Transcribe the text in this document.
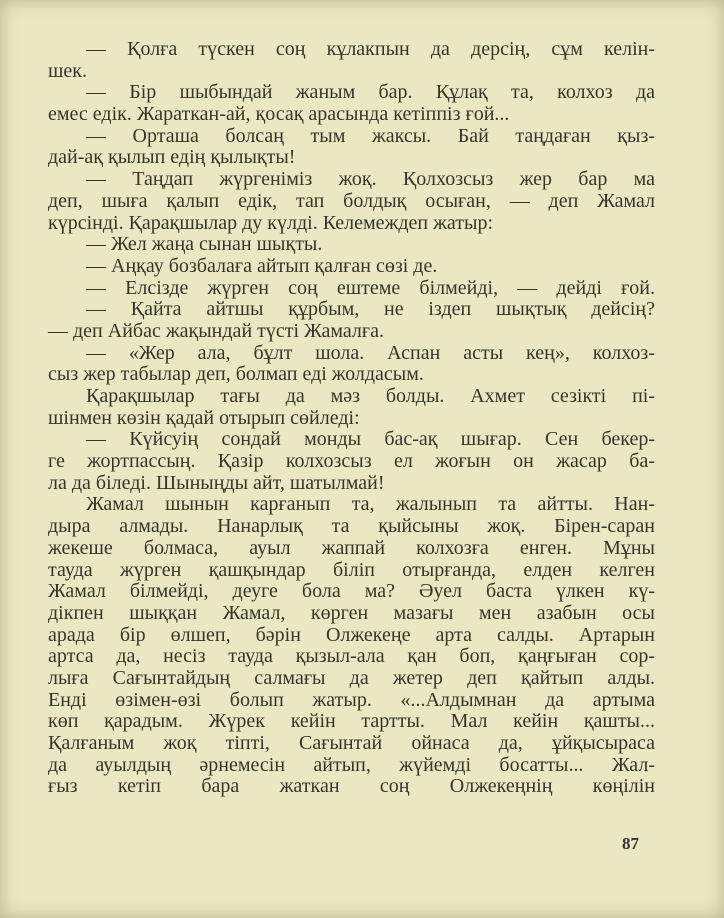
— Қолға түскен соң кұлакпын да дерсің, сұм келін-
шек.
— Бір шыбындай жаным бар. Құлақ та, колхоз да
емес едік. Жараткан-ай, қосақ арасында кетіппіз ғой...
— Орташа болсаң тым жаксы. Бай таңдаған қыз-
дай-ақ қылып едің қылықты!
— Таңдап жүргеніміз жоқ. Қолхозсыз жер бар ма
деп, шыға қалып едік, тап болдық осыған, — деп Жамал
күрсінді. Қарақшылар ду күлді. Келемеждеп жатыр:
— Жел жаңа сынан шықты.
— Аңқау бозбалаға айтып қалған сөзі де.
— Елсізде жүрген соң ештеме білмейді, — дейді ғой.
— Қайта айтшы құрбым, не іздеп шықтық дейсің?
— деп Айбас жақындай түсті Жамалға.
— «Жер ала, бұлт шола. Аспан асты кең», колхоз-
сыз жер табылар деп, болмап еді жолдасым.
Қарақшылар тағы да мәз болды. Ахмет сезікті пі-
шінмен көзін қадай отырып сөйледі:
— Күйсуің сондай монды бас-ақ шығар. Сен бекер-
ге жортпассың. Қазір колхозсыз ел жоғын он жасар ба-
ла да біледі. Шыныңды айт, шатылмай!
Жамал шынын карғанып та, жалынып та айтты. Нан-
дыра алмады. Нанарлық та қыйсыны жоқ. Бірен-саран
жекеше болмаса, ауыл жаппай колхозға енген. Мұны
тауда жүрген қашқындар біліп отырғанда, елден келген
Жамал білмейді, деуге бола ма? Әуел баста үлкен кү-
дікпен шыққан Жамал, көрген мазағы мен азабын осы
арада бір өлшеп, бәрін Олжекеңе арта салды. Артарын
артса да, несіз тауда қызыл-ала қан боп, қаңғыған сор-
лыға Сағынтайдың салмағы да жетер деп қайтып алды.
Енді өзімен-өзі болып жатыр. «...Алдымнан да артыма
көп қарадым. Жүрек кейін тартты. Мал кейін қашты...
Қалғаным жоқ тіпті, Сағынтай ойнаса да, ұйқысыраса
да ауылдың әрнемесін айтып, жүйемді босатты... Жал-
ғыз кетіп бара жаткан соң Олжекеңнің көңілін
87
